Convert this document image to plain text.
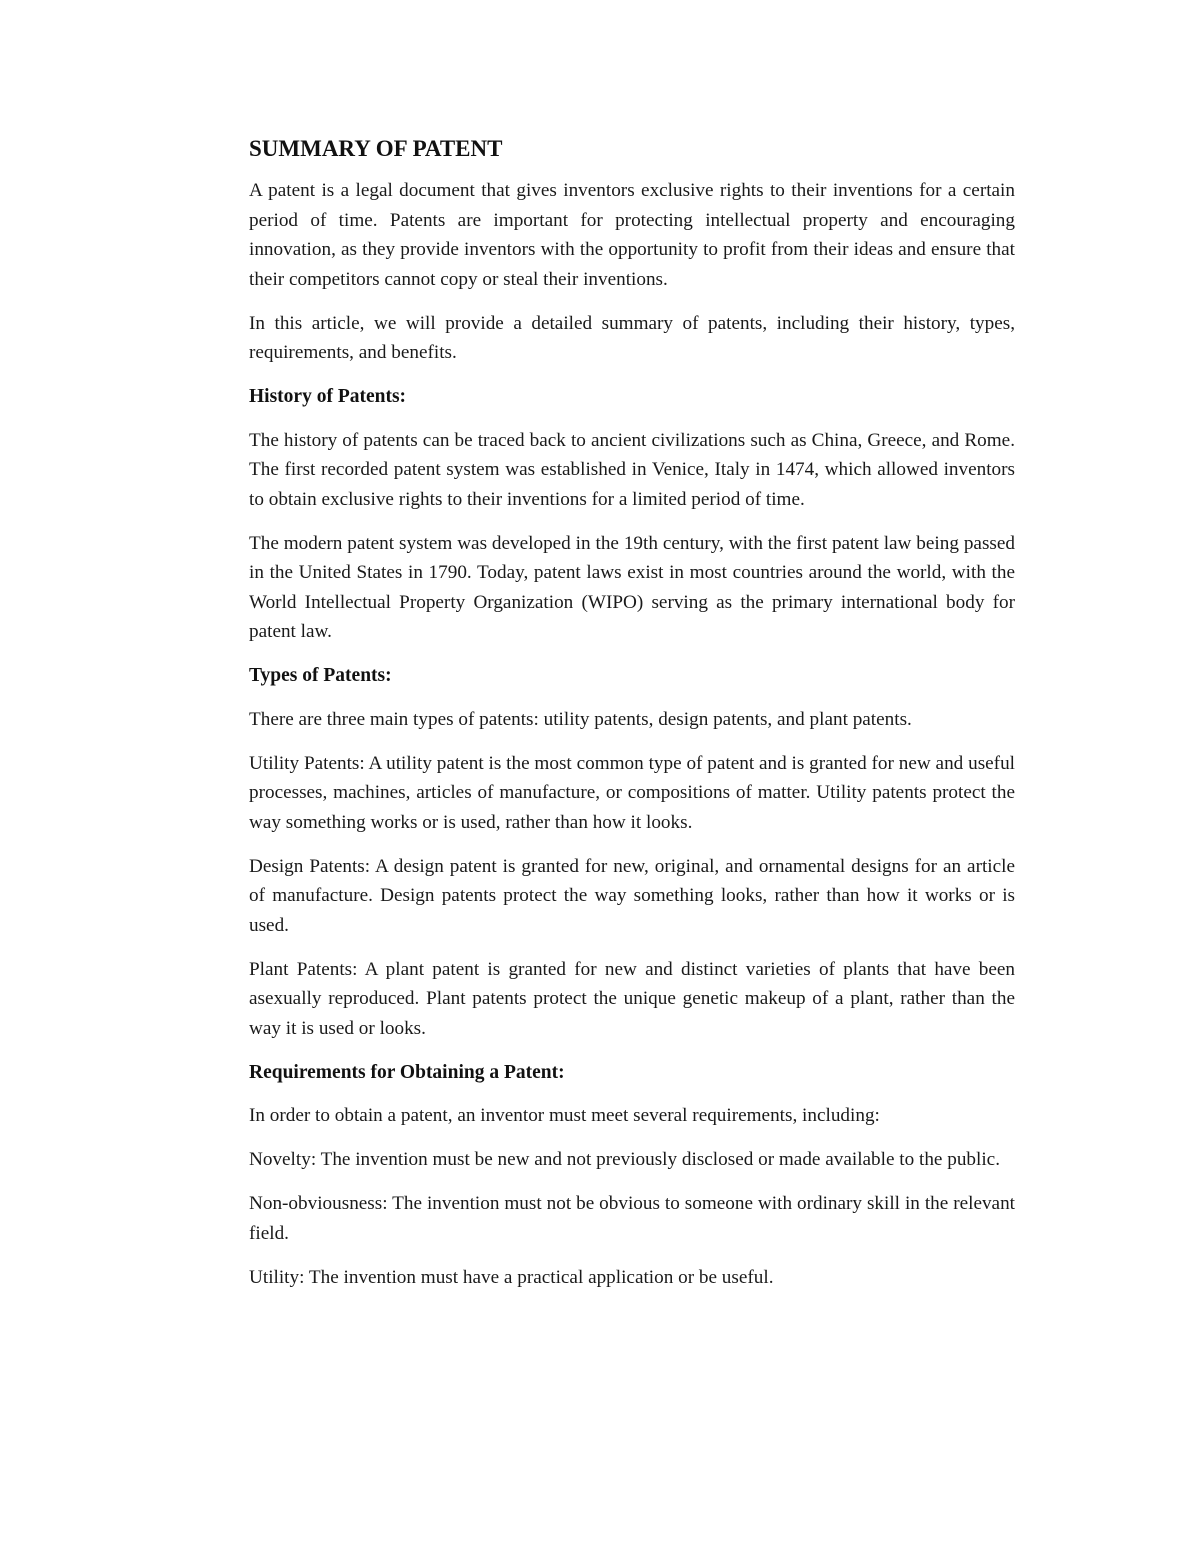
SUMMARY OF PATENT

A patent is a legal document that gives inventors exclusive rights to their inventions for a certain period of time. Patents are important for protecting intellectual property and encouraging innovation, as they provide inventors with the opportunity to profit from their ideas and ensure that their competitors cannot copy or steal their inventions.

In this article, we will provide a detailed summary of patents, including their history, types, requirements, and benefits.

History of Patents:

The history of patents can be traced back to ancient civilizations such as China, Greece, and Rome. The first recorded patent system was established in Venice, Italy in 1474, which allowed inventors to obtain exclusive rights to their inventions for a limited period of time.

The modern patent system was developed in the 19th century, with the first patent law being passed in the United States in 1790. Today, patent laws exist in most countries around the world, with the World Intellectual Property Organization (WIPO) serving as the primary international body for patent law.

Types of Patents:

There are three main types of patents: utility patents, design patents, and plant patents.

Utility Patents: A utility patent is the most common type of patent and is granted for new and useful processes, machines, articles of manufacture, or compositions of matter. Utility patents protect the way something works or is used, rather than how it looks.

Design Patents: A design patent is granted for new, original, and ornamental designs for an article of manufacture. Design patents protect the way something looks, rather than how it works or is used.

Plant Patents: A plant patent is granted for new and distinct varieties of plants that have been asexually reproduced. Plant patents protect the unique genetic makeup of a plant, rather than the way it is used or looks.

Requirements for Obtaining a Patent:

In order to obtain a patent, an inventor must meet several requirements, including:

Novelty: The invention must be new and not previously disclosed or made available to the public.

Non-obviousness: The invention must not be obvious to someone with ordinary skill in the relevant field.

Utility: The invention must have a practical application or be useful.
